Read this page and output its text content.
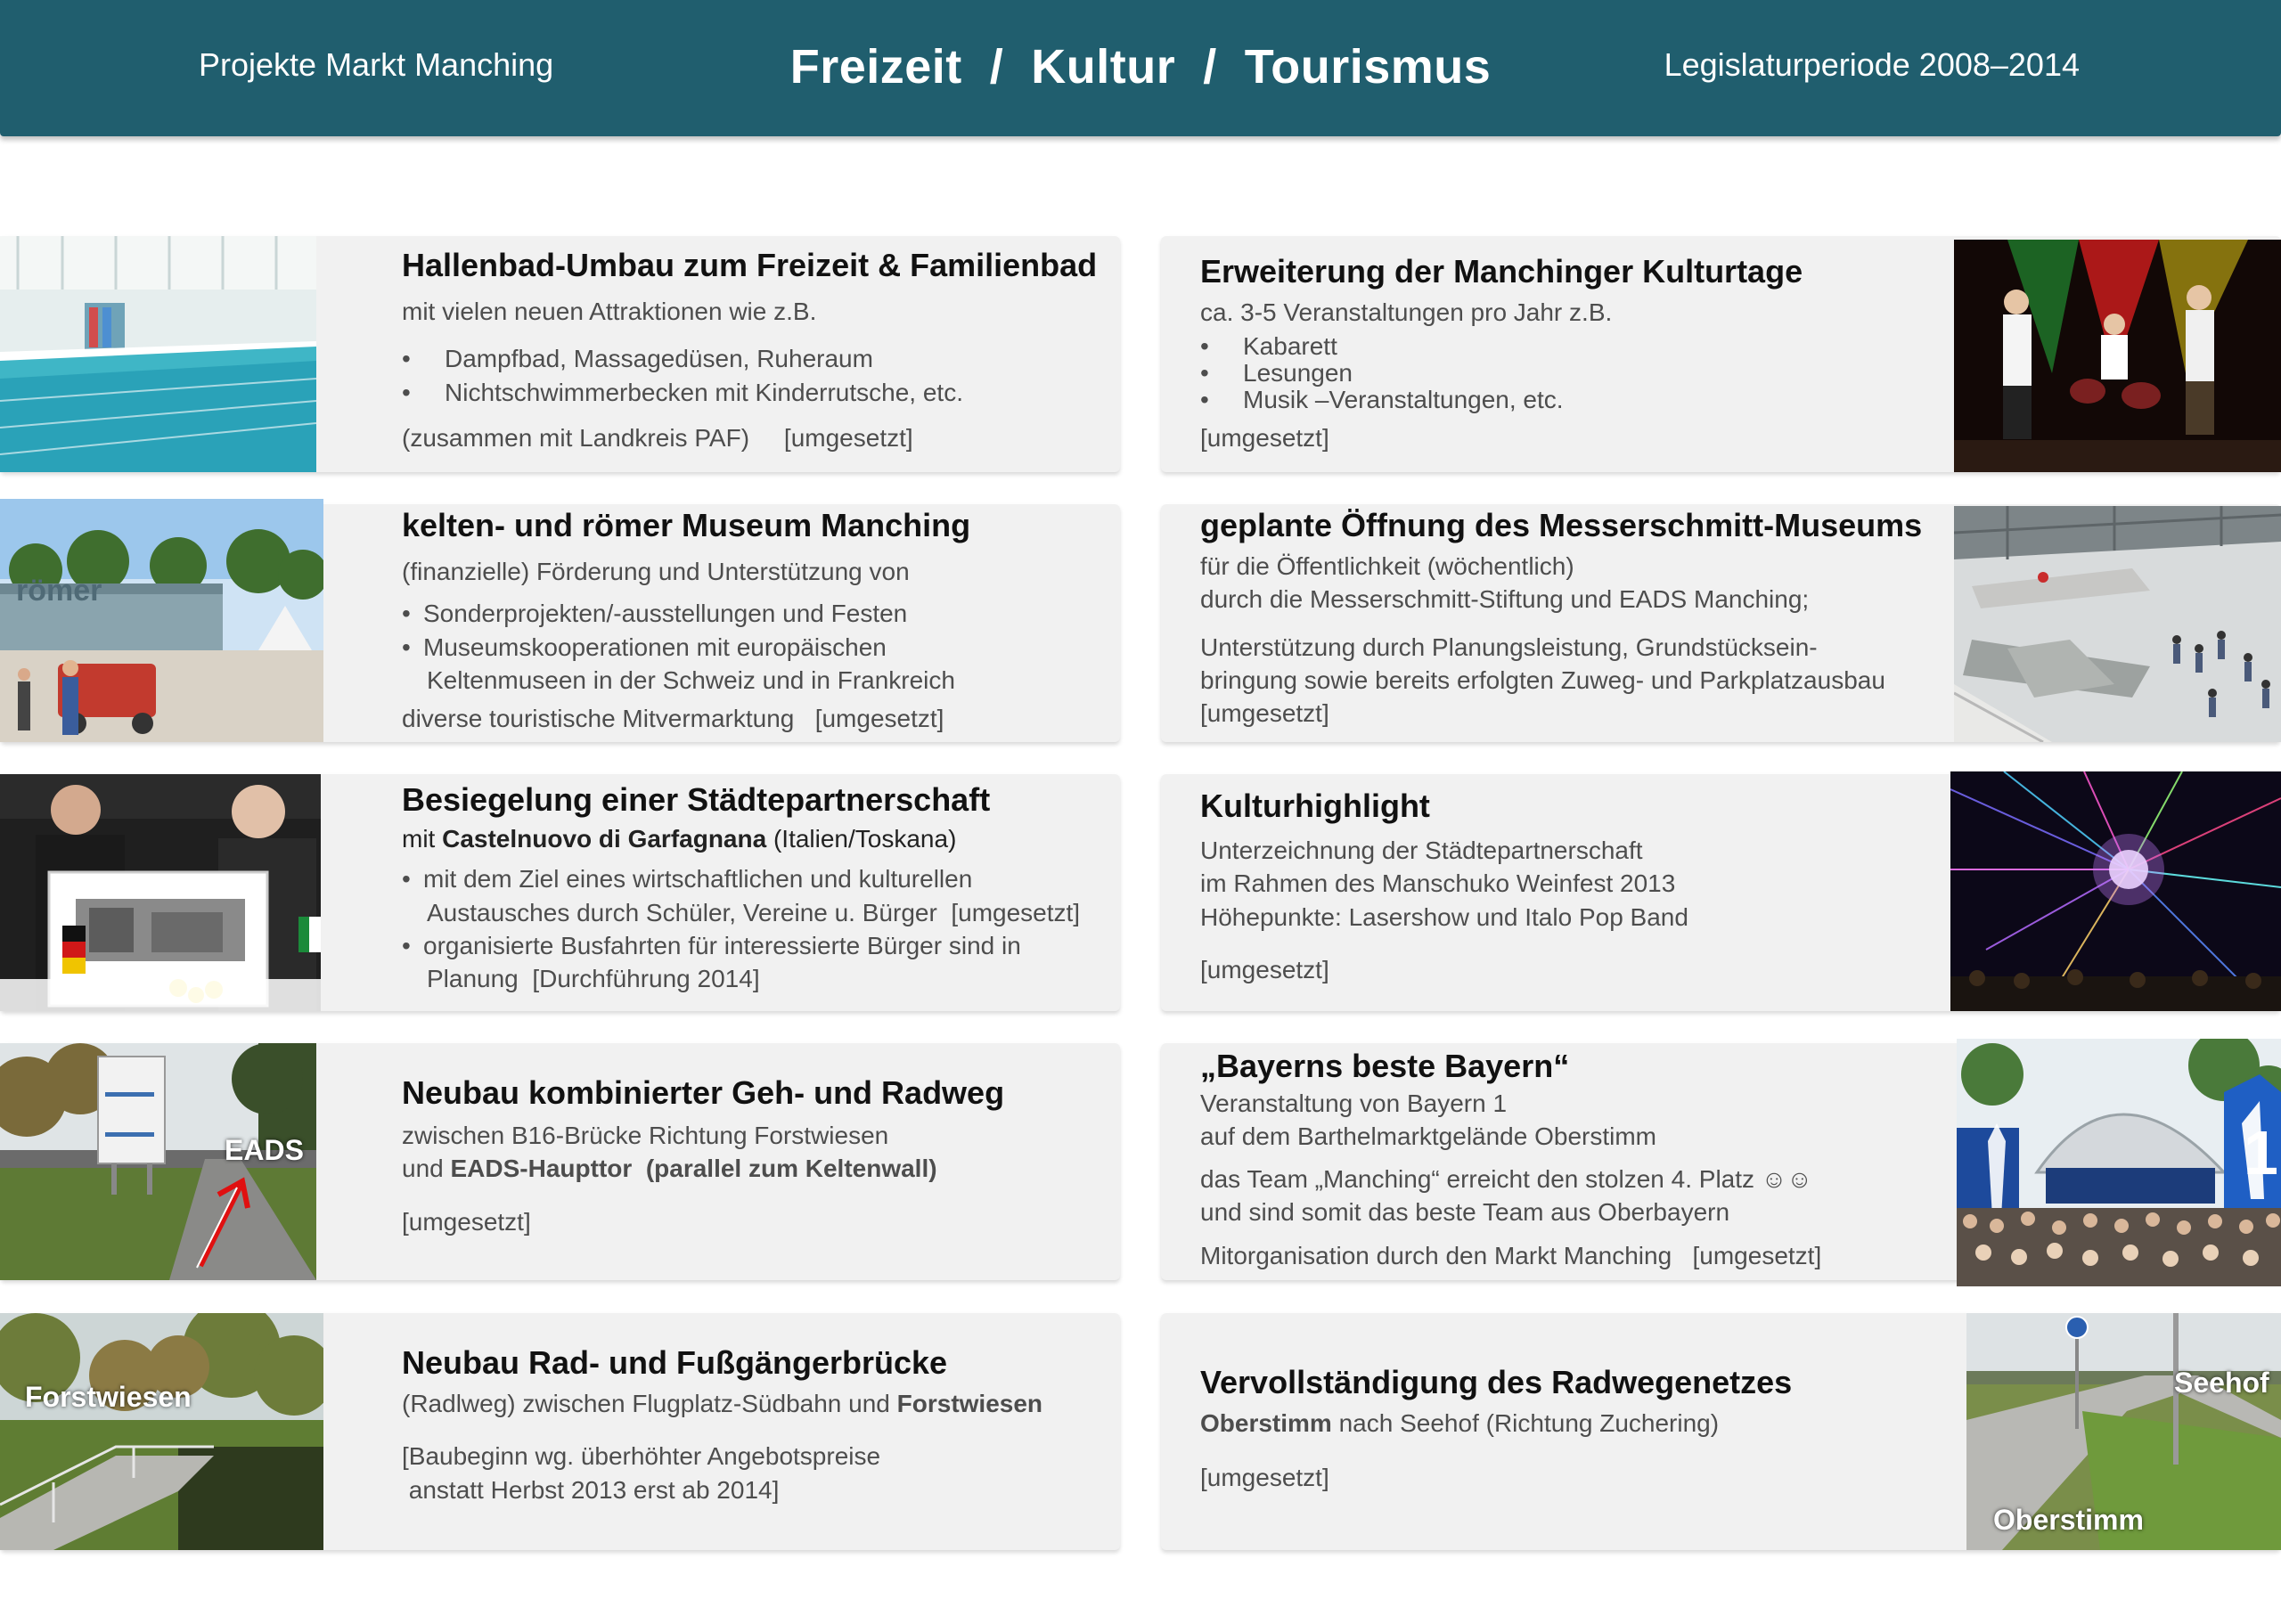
Projekte Markt Manching	Freizeit  /  Kultur  /  Tourismus	Legislaturperiode 2008–2014
Hallenbad-Umbau zum Freizeit & Familienbad
mit vielen neuen Attraktionen wie z.B.
• Dampfbad, Massagedüsen, Ruheraum
• Nichtschwimmerbecken mit Kinderrutsche, etc.
(zusammen mit Landkreis PAF)     [umgesetzt]
römer
kelten- und römer Museum Manching
(finanzielle) Förderung und Unterstützung von
• Sonderprojekten/-ausstellungen und Festen
• Museumskooperationen mit europäischen

Keltenmuseen in der Schweiz und in Frankreich
diverse touristische Mitvermarktung   [umgesetzt]
Besiegelung einer Städtepartnerschaft
mit Castelnuovo di Garfagnana (Italien/Toskana)
• mit dem Ziel eines wirtschaftlichen und kulturellen

Austausches durch Schüler, Vereine u. Bürger  [umgesetzt]
• organisierte Busfahrten für interessierte Bürger sind in

Planung  [Durchführung 2014]
EADS
Neubau kombinierter Geh- und Radweg
zwischen B16-Brücke Richtung Forstwiesen
und EADS-Haupttor  (parallel zum Keltenwall)
[umgesetzt]
Forstwiesen
Neubau Rad- und Fußgängerbrücke
(Radlweg) zwischen Flugplatz-Südbahn und Forstwiesen
[Baubeginn wg. überhöhter Angebotspreise
anstatt Herbst 2013 erst ab 2014]
Erweiterung der Manchinger Kulturtage
ca. 3-5 Veranstaltungen pro Jahr z.B.
• Kabarett
• Lesungen
• Musik –Veranstaltungen, etc.
[umgesetzt]
geplante Öffnung des Messerschmitt-Museums
für die Öffentlichkeit (wöchentlich)
durch die Messerschmitt-Stiftung und EADS Manching;
Unterstützung durch Planungsleistung, Grundstücksein-
bringung sowie bereits erfolgten Zuweg- und Parkplatzausbau
[umgesetzt]
Kulturhighlight
Unterzeichnung der Städtepartnerschaft
im Rahmen des Manschuko Weinfest 2013
Höhepunkte: Lasershow und Italo Pop Band
[umgesetzt]
„Bayerns beste Bayern“
Veranstaltung von Bayern 1
auf dem Barthelmarktgelände Oberstimm
das Team „Manching“ erreicht den stolzen 4. Platz ☺☺
und sind somit das beste Team aus Oberbayern
Mitorganisation durch den Markt Manching   [umgesetzt]
1
Vervollständigung des Radwegenetzes
Oberstimm nach Seehof (Richtung Zuchering)
[umgesetzt]
Seehof
Oberstimm
